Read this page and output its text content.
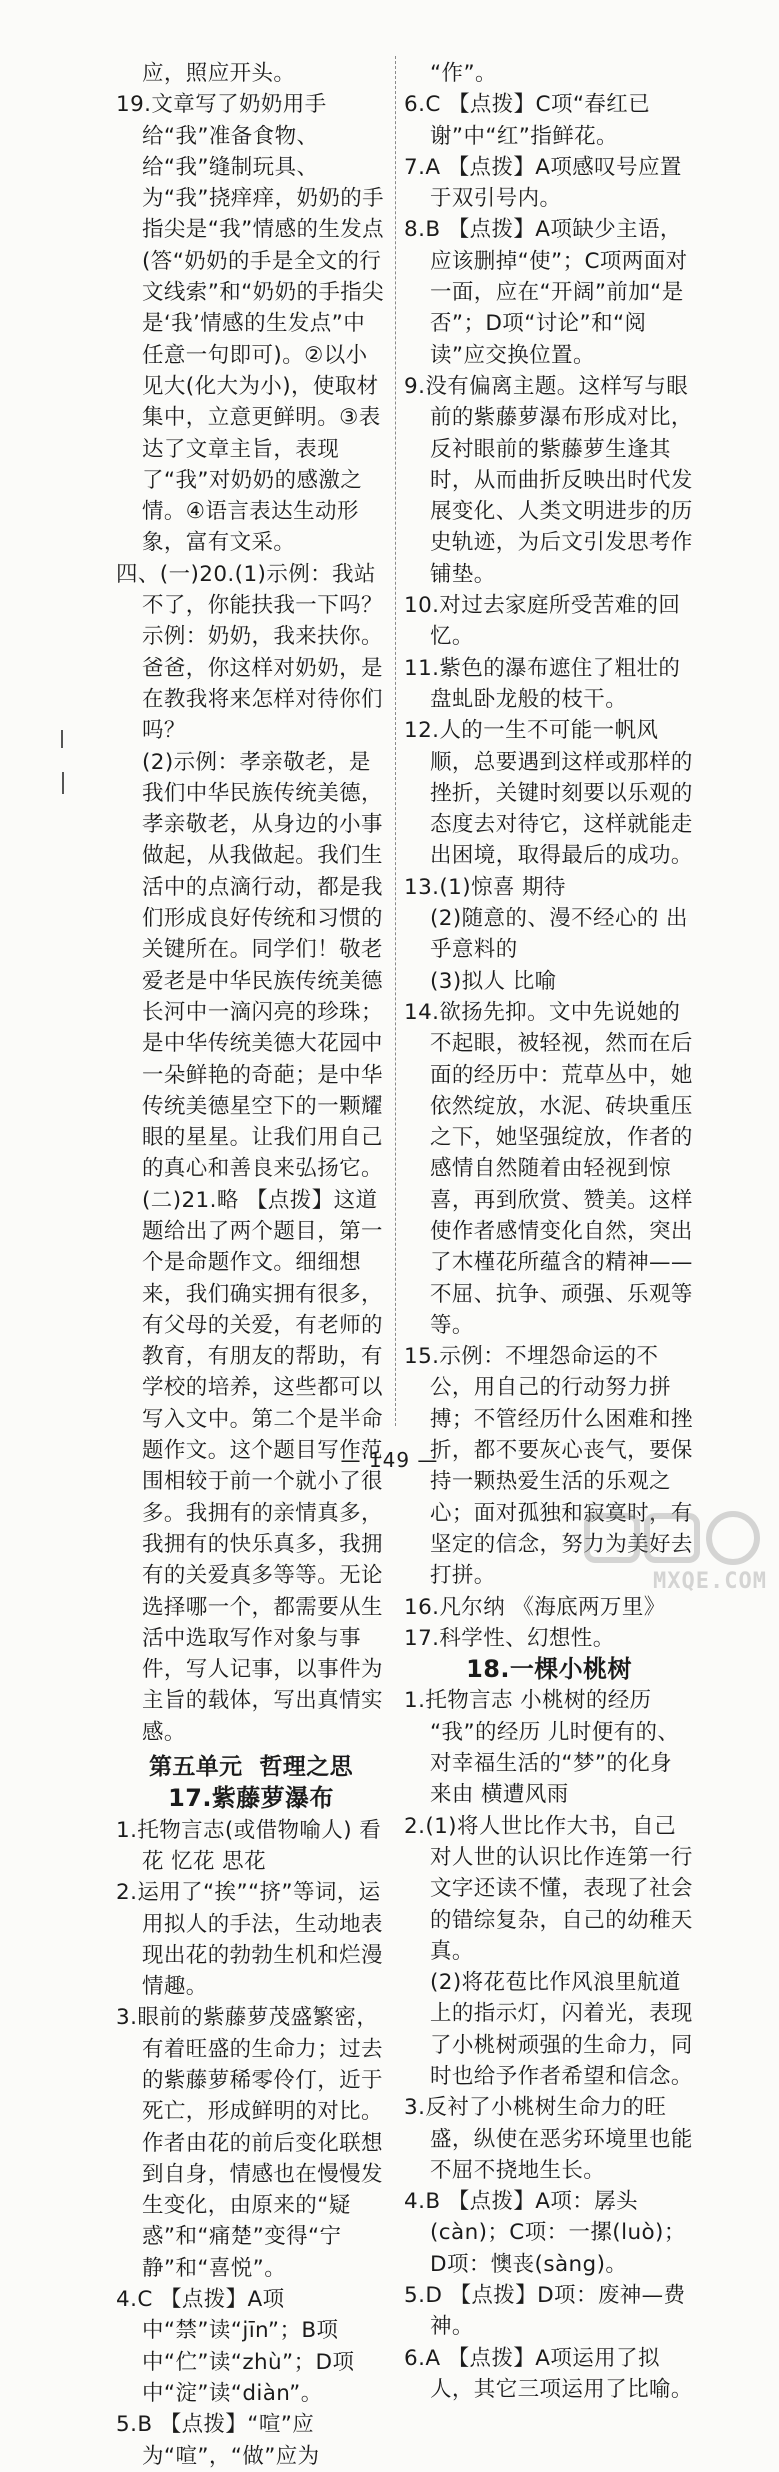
应，照应开头。

19.文章写了奶奶用手给“我”准备食物、给“我”缝制玩具、为“我”挠痒痒，奶奶的手指尖是“我”情感的生发点(答“奶奶的手是全文的行文线索”和“奶奶的手指尖是‘我’情感的生发点”中任意一句即可)。②以小见大(化大为小)，使取材集中，立意更鲜明。③表达了文章主旨，表现了“我”对奶奶的感激之情。④语言表达生动形象，富有文采。

四、(一)20.(1)示例：我站不了，你能扶我一下吗？

示例：奶奶，我来扶你。爸爸，你这样对奶奶，是在教我将来怎样对待你们吗？

(2)示例：孝亲敬老，是我们中华民族传统美德，孝亲敬老，从身边的小事做起，从我做起。我们生活中的点滴行动，都是我们形成良好传统和习惯的关键所在。同学们！敬老爱老是中华民族传统美德长河中一滴闪亮的珍珠；是中华传统美德大花园中一朵鲜艳的奇葩；是中华传统美德星空下的一颗耀眼的星星。让我们用自己的真心和善良来弘扬它。

(二)21.略 【点拨】这道题给出了两个题目，第一个是命题作文。细细想来，我们确实拥有很多，有父母的关爱，有老师的教育，有朋友的帮助，有学校的培养，这些都可以写入文中。第二个是半命题作文。这个题目写作范围相较于前一个就小了很多。我拥有的亲情真多，我拥有的快乐真多，我拥有的关爱真多等等。无论选择哪一个，都需要从生活中选取写作对象与事件，写人记事，以事件为主旨的载体，写出真情实感。

第五单元  哲理之思

17.紫藤萝瀑布

1.托物言志(或借物喻人) 看花 忆花 思花

2.运用了“挨”“挤”等词，运用拟人的手法，生动地表现出花的勃勃生机和烂漫情趣。

3.眼前的紫藤萝茂盛繁密，有着旺盛的生命力；过去的紫藤萝稀零伶仃，近于死亡，形成鲜明的对比。作者由花的前后变化联想到自身，情感也在慢慢发生变化，由原来的“疑惑”和“痛楚”变得“宁静”和“喜悦”。

4.C 【点拨】A项中“禁”读“jīn”；B项中“伫”读“zhù”；D项中“淀”读“diàn”。

5.B 【点拨】“喧”应为“喧”，“做”应为

“作”。

6.C 【点拨】C项“春红已谢”中“红”指鲜花。

7.A 【点拨】A项感叹号应置于双引号内。

8.B 【点拨】A项缺少主语，应该删掉“使”；C项两面对一面，应在“开阔”前加“是否”；D项“讨论”和“阅读”应交换位置。

9.没有偏离主题。这样写与眼前的紫藤萝瀑布形成对比，反衬眼前的紫藤萝生逢其时，从而曲折反映出时代发展变化、人类文明进步的历史轨迹，为后文引发思考作铺垫。

10.对过去家庭所受苦难的回忆。

11.紫色的瀑布遮住了粗壮的盘虬卧龙般的枝干。

12.人的一生不可能一帆风顺，总要遇到这样或那样的挫折，关键时刻要以乐观的态度去对待它，这样就能走出困境，取得最后的成功。

13.(1)惊喜 期待

(2)随意的、漫不经心的 出乎意料的

(3)拟人 比喻

14.欲扬先抑。文中先说她的不起眼，被轻视，然而在后面的经历中：荒草丛中，她依然绽放，水泥、砖块重压之下，她坚强绽放，作者的感情自然随着由轻视到惊喜，再到欣赏、赞美。这样使作者感情变化自然，突出了木槿花所蕴含的精神——不屈、抗争、顽强、乐观等等。

15.示例：不埋怨命运的不公，用自己的行动努力拼搏；不管经历什么困难和挫折，都不要灰心丧气，要保持一颗热爱生活的乐观之心；面对孤独和寂寞时，有坚定的信念，努力为美好去打拼。

16.凡尔纳 《海底两万里》

17.科学性、幻想性。

18.一棵小桃树

1.托物言志 小桃树的经历 “我”的经历 儿时便有的、对幸福生活的“梦”的化身 来由 横遭风雨

2.(1)将人世比作大书，自己对人世的认识比作连第一行文字还读不懂，表现了社会的错综复杂，自己的幼稚天真。

(2)将花苞比作风浪里航道上的指示灯，闪着光，表现了小桃树顽强的生命力，同时也给予作者希望和信念。

3.反衬了小桃树生命力的旺盛，纵使在恶劣环境里也能不屈不挠地生长。

4.B 【点拨】A项：孱头(càn)；C项：一摞(luò)；D项：懊丧(sàng)。

5.D 【点拨】D项：废神—费神。

6.A 【点拨】A项运用了拟人，其它三项运用了比喻。

— 149 —
MXQE.COM
